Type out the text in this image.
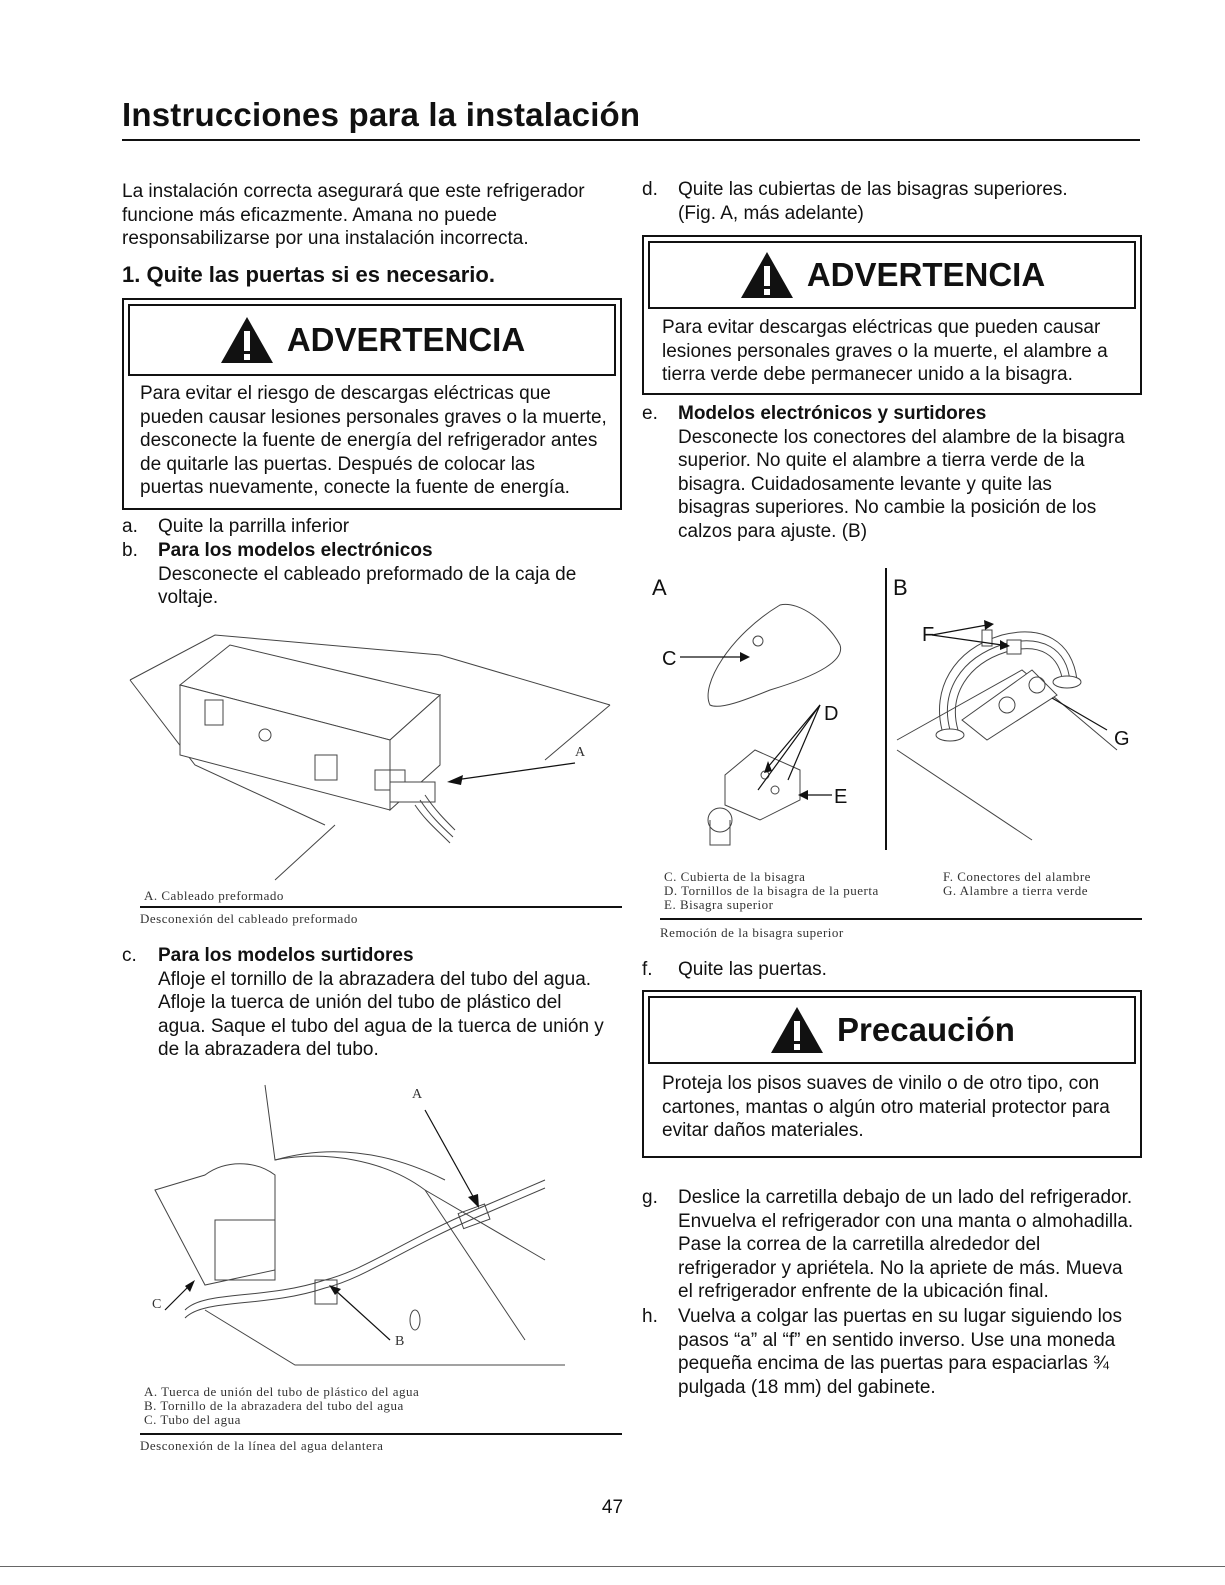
Instrucciones para la instalación

La instalación correcta asegurará que este refrigerador funcione más eficazmente. Amana no puede responsabilizarse por una instalación incorrecta.

1. Quite las puertas si es necesario.
ADVERTENCIA
Para evitar el riesgo de descargas eléctricas que
pueden causar lesiones personales graves o la muerte,
desconecte la fuente de energía del refrigerador antes
de quitarle las puertas. Después de colocar las
puertas nuevamente, conecte la fuente de energía.
a. Quite la parrilla inferior
b. Para los modelos electrónicos
Desconecte el cableado preformado de la caja de
voltaje.
A
A. Cableado preformado
Desconexión del cableado preformado
c. Para los modelos surtidores
Afloje el tornillo de la abrazadera del tubo del agua.
Afloje la tuerca de unión del tubo de plástico del
agua. Saque el tubo del agua de la tuerca de unión y
de la abrazadera del tubo.
A
C
B
A. Tuerca de unión del tubo de plástico del agua
B. Tornillo de la abrazadera del tubo del agua
C. Tubo del agua
Desconexión de la línea del agua delantera
d. Quite las cubiertas de las bisagras superiores.
(Fig. A, más adelante)
ADVERTENCIA
Para evitar descargas eléctricas que pueden causar
lesiones personales graves o la muerte, el alambre a
tierra verde debe permanecer unido a la bisagra.
e. Modelos electrónicos y surtidores
Desconecte los conectores del alambre de la bisagra
superior. No quite el alambre a tierra verde de la
bisagra. Cuidadosamente levante y quite las
bisagras superiores. No cambie la posición de los
calzos para ajuste. (B)
A	B
C
D
E
F
G
C. Cubierta de la bisagra
D. Tornillos de la bisagra de la puerta
E. Bisagra superior
F. Conectores del alambre
G. Alambre a tierra verde
Remoción de la bisagra superior
f. Quite las puertas.
Precaución
Proteja los pisos suaves de vinilo o de otro tipo, con
cartones, mantas o algún otro material protector para
evitar daños materiales.
g. Deslice la carretilla debajo de un lado del refrigerador.
Envuelva el refrigerador con una manta o almohadilla.
Pase la correa de la carretilla alrededor del
refrigerador y apriételа. No la apriete de más. Mueva
el refrigerador enfrente de la ubicación final.
h. Vuelva a colgar las puertas en su lugar siguiendo los
pasos “a” al “f” en sentido inverso. Use una moneda
pequeña encima de las puertas para espaciarlas ¾
pulgada (18 mm) del gabinete.
47
